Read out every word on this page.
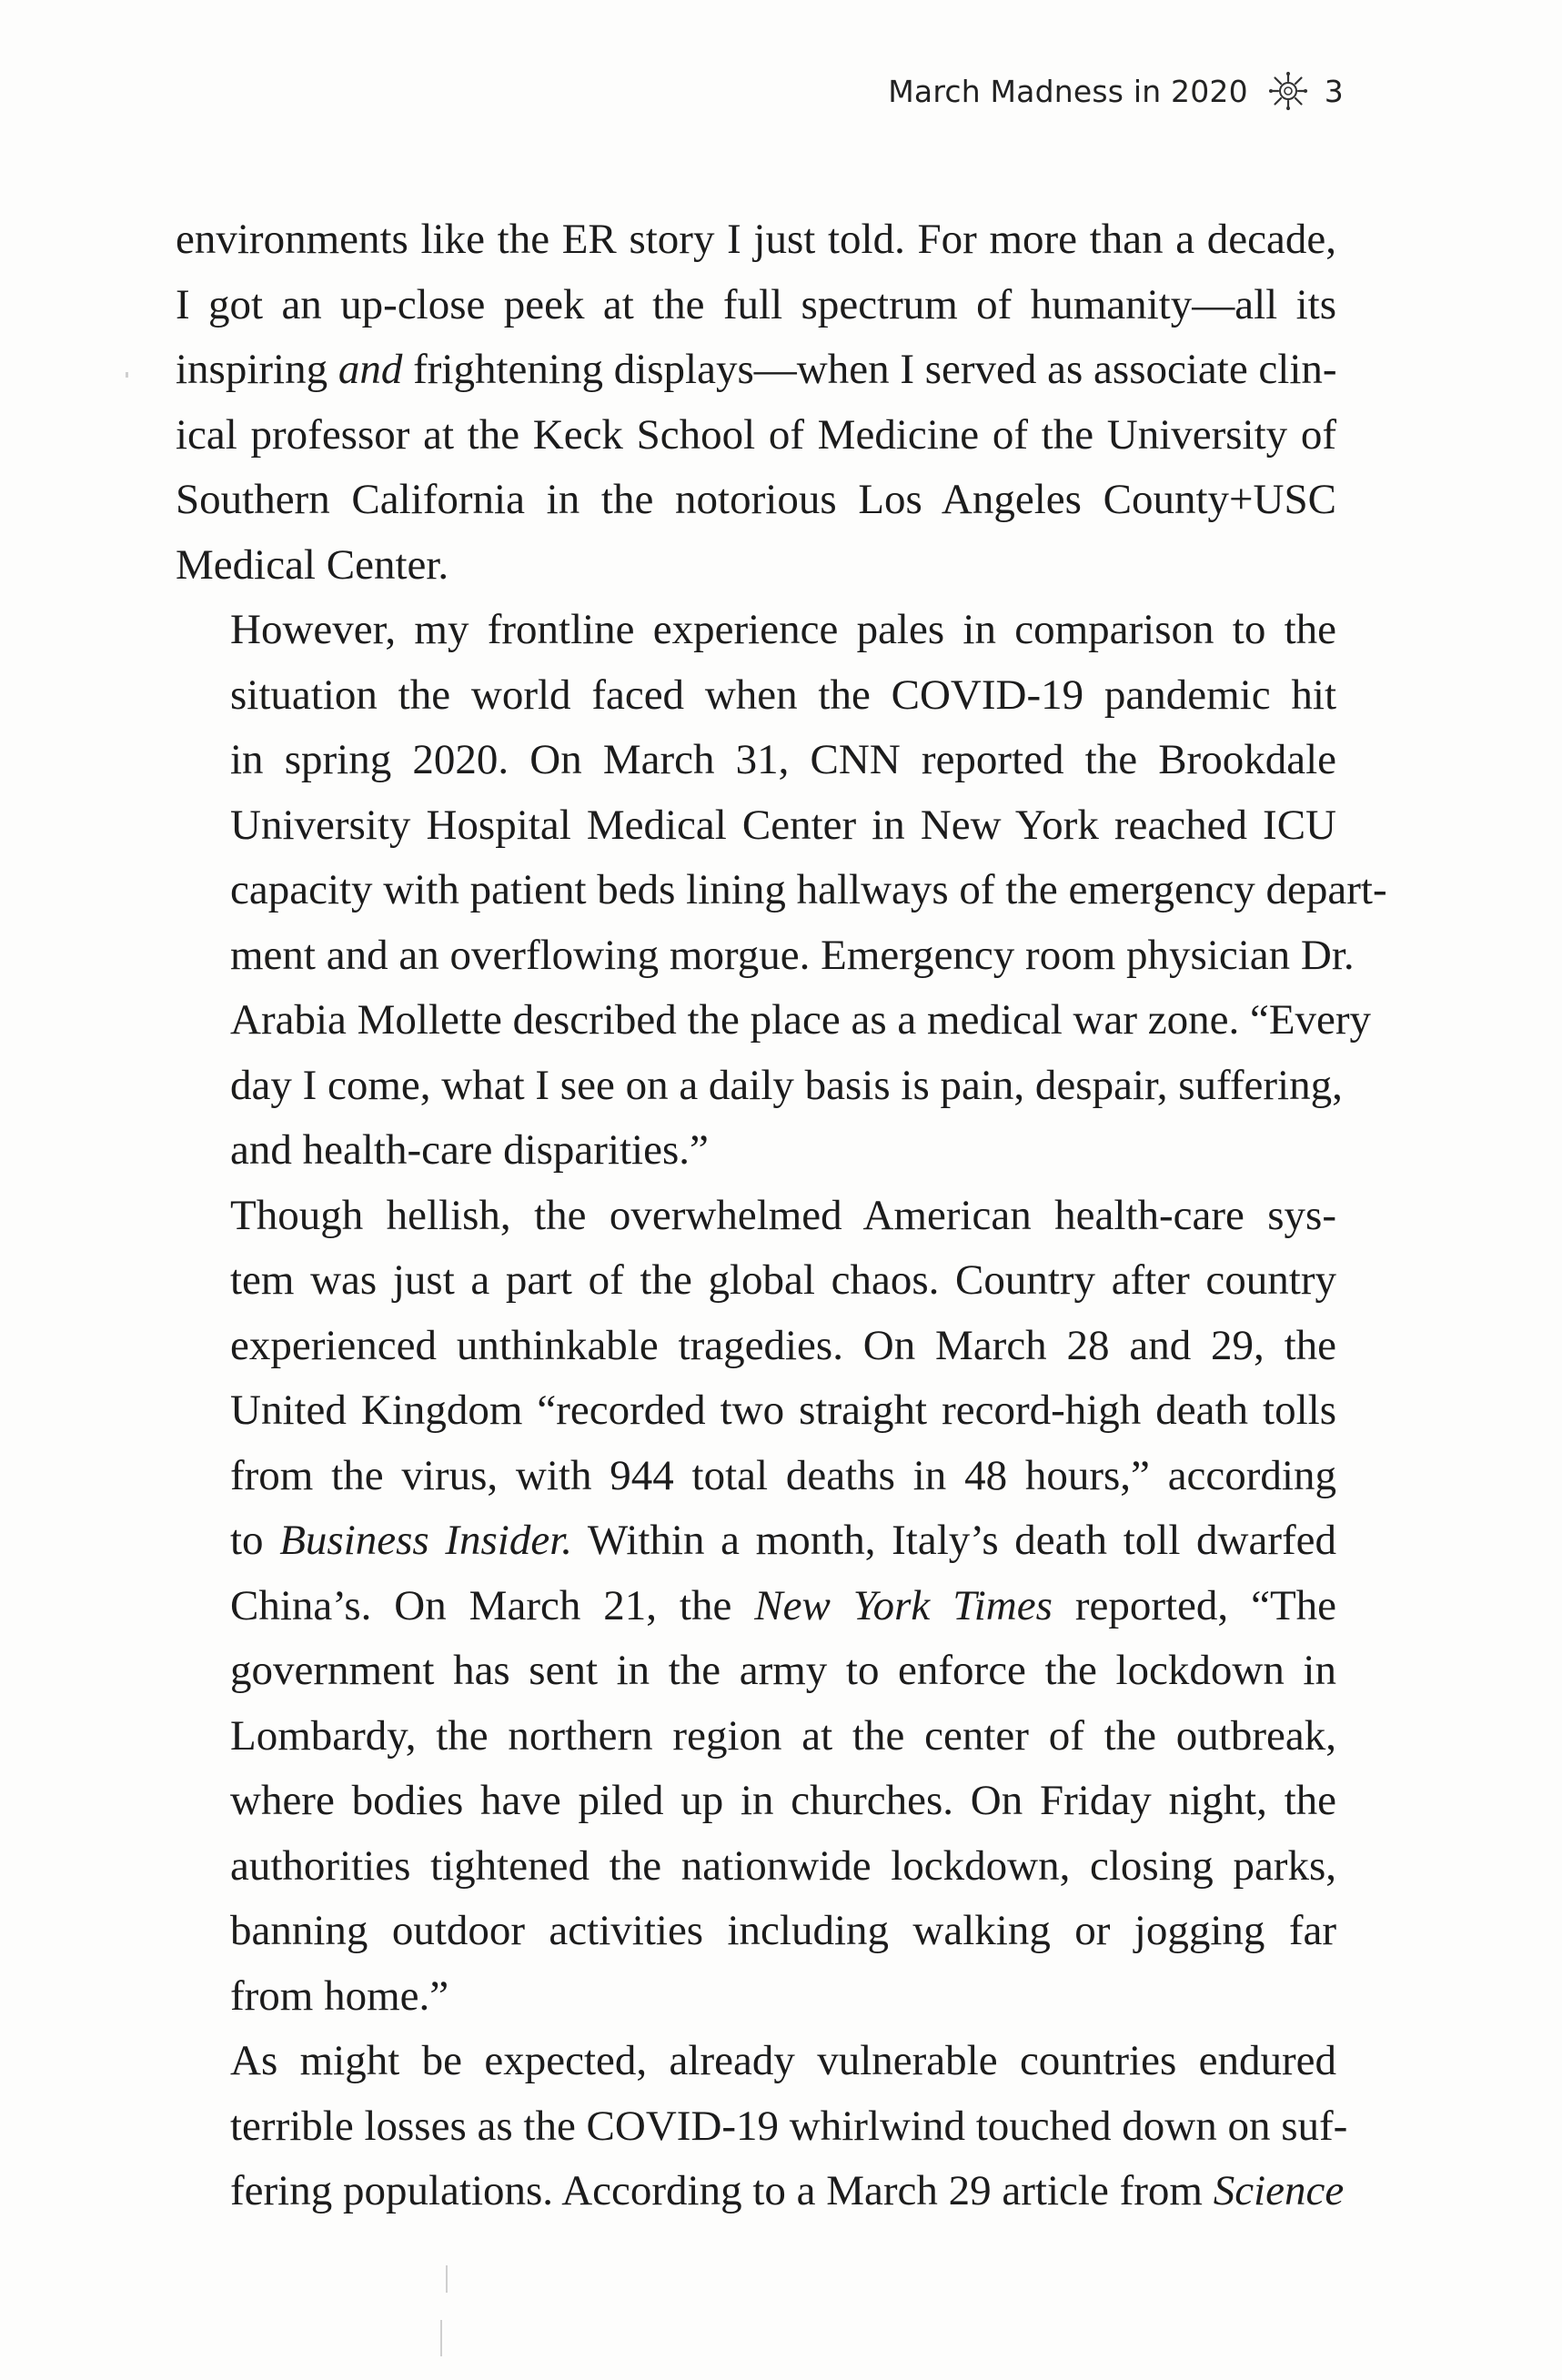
March Madness in 2020	3

environments like the ER story I just told. For more than a decade,
I got an up-close peek at the full spectrum of humanity—all its
inspiring and frightening displays—when I served as associate clin-
ical professor at the Keck School of Medicine of the University of
Southern California in the notorious Los Angeles County+USC
Medical Center.

However, my frontline experience pales in comparison to the
situation the world faced when the COVID-19 pandemic hit
in spring 2020. On March 31, CNN reported the Brookdale
University Hospital Medical Center in New York reached ICU
capacity with patient beds lining hallways of the emergency depart-
ment and an overflowing morgue. Emergency room physician Dr.
Arabia Mollette described the place as a medical war zone. “Every
day I come, what I see on a daily basis is pain, despair, suffering,
and health-care disparities.”

Though hellish, the overwhelmed American health-care sys-
tem was just a part of the global chaos. Country after country
experienced unthinkable tragedies. On March 28 and 29, the
United Kingdom “recorded two straight record-high death tolls
from the virus, with 944 total deaths in 48 hours,” according
to Business Insider. Within a month, Italy’s death toll dwarfed
China’s. On March 21, the New York Times reported, “The
government has sent in the army to enforce the lockdown in
Lombardy, the northern region at the center of the outbreak,
where bodies have piled up in churches. On Friday night, the
authorities tightened the nationwide lockdown, closing parks,
banning outdoor activities including walking or jogging far
from home.”

As might be expected, already vulnerable countries endured
terrible losses as the COVID-19 whirlwind touched down on suf-
fering populations. According to a March 29 article from Science
